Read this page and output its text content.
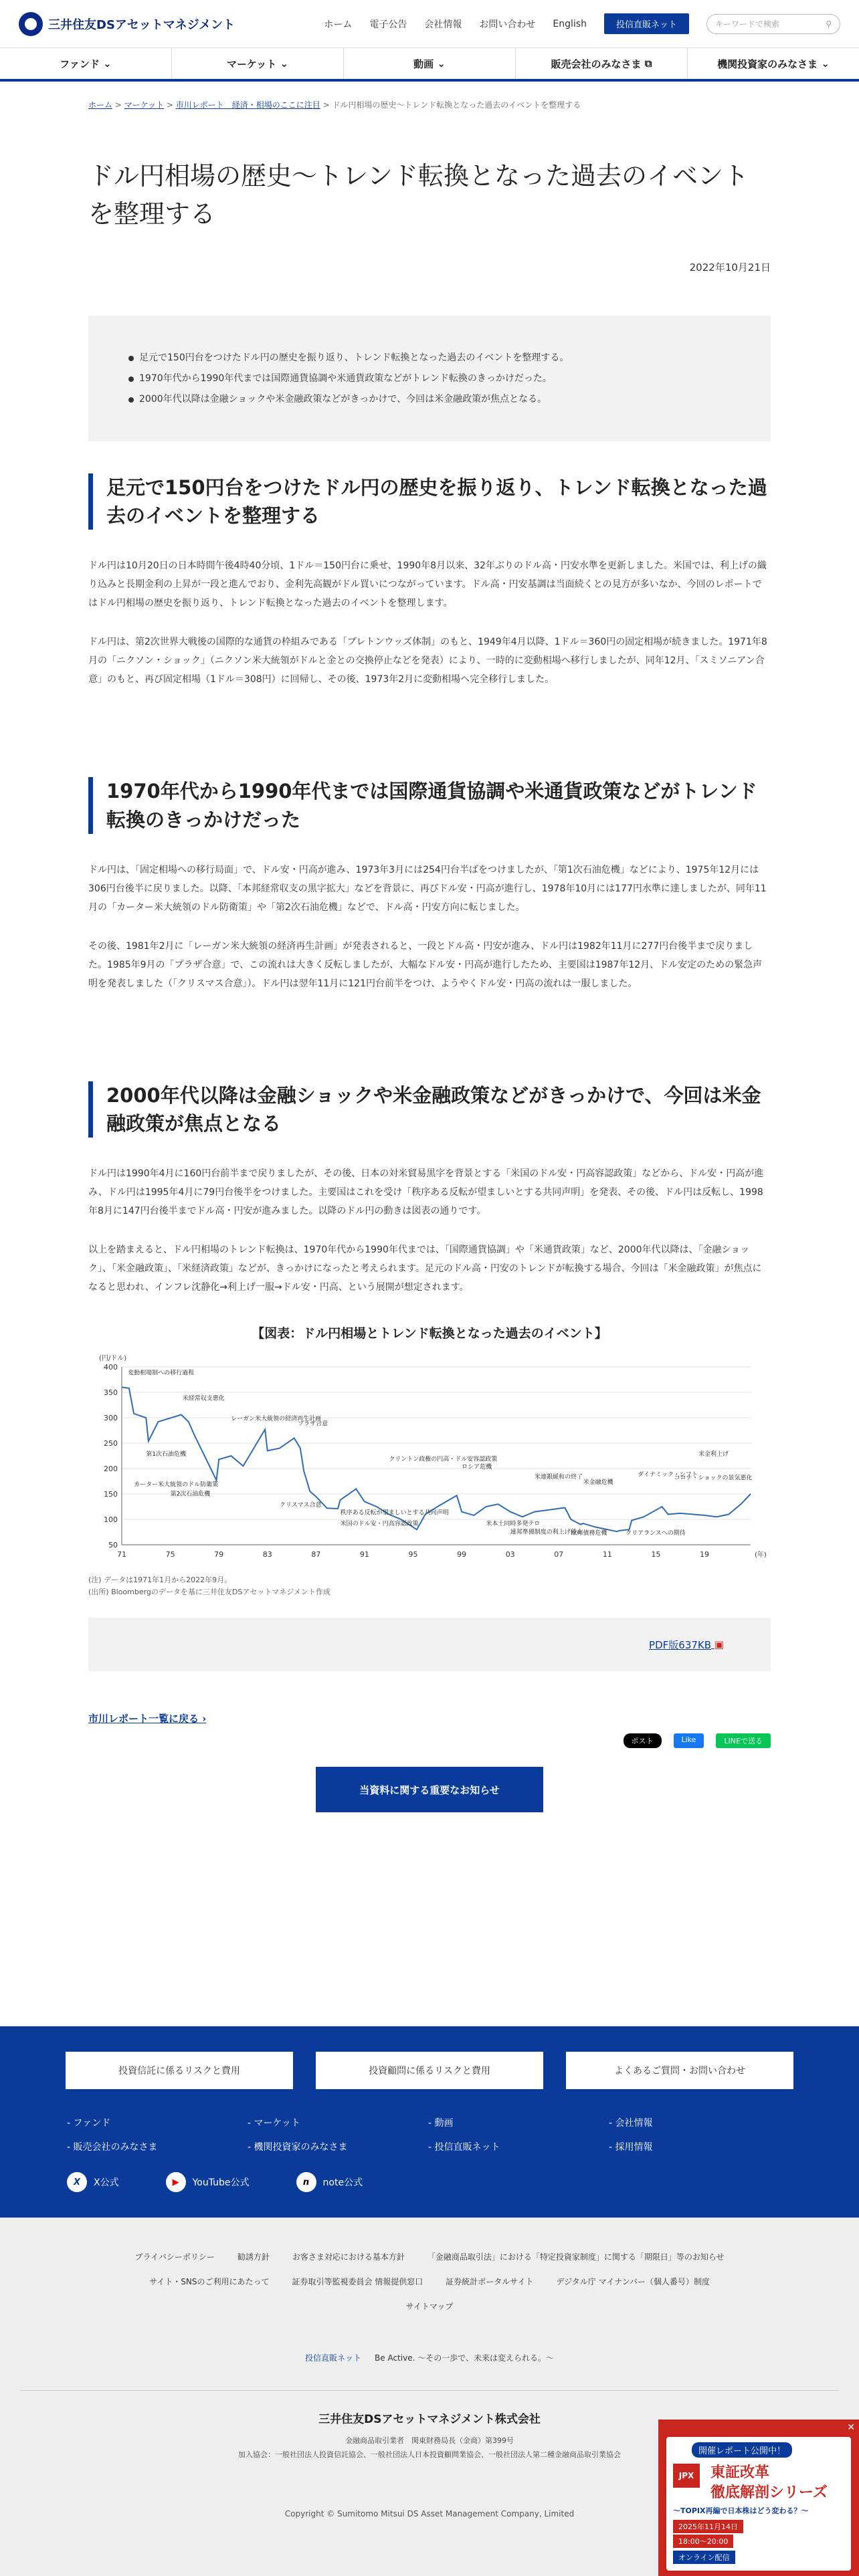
三井住友DSアセットマネジメント	ホーム 電子公告 会社情報 お問い合わせ English	投信直販ネット	キーワードで検索	⚲
ファンド
⌄	マーケット
⌄	動画
⌄	販売会社のみなさま
⧉	機関投資家のみなさま
⌄
ホーム > マーケット > 市川レポート　経済・相場のここに注目 > ドル円相場の歴史～トレンド転換となった過去のイベントを整理する
ドル円相場の歴史～トレンド転換となった過去のイベントを整理する
2022年10月21日
足元で150円台をつけたドル円の歴史を振り返り、トレンド転換となった過去のイベントを整理する。
1970年代から1990年代までは国際通貨協調や米通貨政策などがトレンド転換のきっかけだった。
2000年代以降は金融ショックや米金融政策などがきっかけで、今回は米金融政策が焦点となる。
足元で150円台をつけたドル円の歴史を振り返り、トレンド転換となった過去のイベントを整理する

ドル円は10月20日の日本時間午後4時40分頃、1ドル＝150円台に乗せ、1990年8月以来、32年ぶりのドル高・円安水準を更新しました。米国では、利上げの織り込みと長期金利の上昇が一段と進んでおり、金利先高観がドル買いにつながっています。ドル高・円安基調は当面続くとの見方が多いなか、今回のレポートではドル円相場の歴史を振り返り、トレンド転換となった過去のイベントを整理します。

ドル円は、第2次世界大戦後の国際的な通貨の枠組みである「ブレトンウッズ体制」のもと、1949年4月以降、1ドル＝360円の固定相場が続きました。1971年8月の「ニクソン・ショック」（ニクソン米大統領がドルと金との交換停止などを発表）により、一時的に変動相場へ移行しましたが、同年12月、「スミソニアン合意」のもと、再び固定相場（1ドル＝308円）に回帰し、その後、1973年2月に変動相場へ完全移行しました。

1970年代から1990年代までは国際通貨協調や米通貨政策などがトレンド転換のきっかけだった

ドル円は、「固定相場への移行局面」で、ドル安・円高が進み、1973年3月には254円台半ばをつけましたが、「第1次石油危機」などにより、1975年12月には306円台後半に戻りました。以降、「本邦経常収支の黒字拡大」などを背景に、再びドル安・円高が進行し、1978年10月には177円水準に達しましたが、同年11月の「カーター米大統領のドル防衛策」や「第2次石油危機」などで、ドル高・円安方向に転じました。

その後、1981年2月に「レーガン米大統領の経済再生計画」が発表されると、一段とドル高・円安が進み、ドル円は1982年11月に277円台後半まで戻りました。1985年9月の「プラザ合意」で、この流れは大きく反転しましたが、大幅なドル安・円高が進行したため、主要国は1987年12月、ドル安定のための緊急声明を発表しました（「クリスマス合意」）。ドル円は翌年11月に121円台前半をつけ、ようやくドル安・円高の流れは一服しました。

2000年代以降は金融ショックや米金融政策などがきっかけで、今回は米金融政策が焦点となる

ドル円は1990年4月に160円台前半まで戻りましたが、その後、日本の対米貿易黒字を背景とする「米国のドル安・円高容認政策」などから、ドル安・円高が進み、ドル円は1995年4月に79円台後半をつけました。主要国はこれを受け「秩序ある反転が望ましいとする共同声明」を発表、その後、ドル円は反転し、1998年8月に147円台後半までドル高・円安が進みました。以降のドル円の動きは図表の通りです。

以上を踏まえると、ドル円相場のトレンド転換は、1970年代から1990年代までは、「国際通貨協調」や「米通貨政策」など、2000年代以降は、「金融ショック」、「米金融政策」、「米経済政策」などが、きっかけになったと考えられます。足元のドル高・円安のトレンドが転換する場合、今回は「米金融政策」が焦点になると思われ、インフレ沈静化→利上げ一服→ドル安・円高、という展開が想定されます。

【図表：ドル円相場とトレンド転換となった過去のイベント】
(円/ドル)
50
100
150
200
250
300
350
400
71	75	79	83	87	91	95	99	03	07	11	15	19	(年)
変動相場制への移行過程
米経常収支悪化
第1次石油危機
レーガン米大統領の経済再生計画
カーター米大統領のドル防衛策
第2次石油危機
プラザ合意
クリスマス合意
秩序ある反転が望ましいとする共同声明
米国のドル安・円高容認政策
クリントン政権の円高・ドル安容認政策
ロシア危機
米本土同時多発テロ
連邦準備制度の利上げ停止
米連銀緩和の終了
米金融危機
欧州債務危機
ダイナミック・シフト
コロナ・ショックの景気悪化
クリアランスへの期待
米金利上げ
(注) データは1971年1月から2022年9月。
(出所) Bloombergのデータを基に三井住友DSアセットマネジメント作成
PDF版637KB
▣
市川レポート一覧に戻る ›
ポスト	Like	LINEで送る
当資料に関する重要なお知らせ
投資信託に係るリスクと費用	投資顧問に係るリスクと費用	よくあるご質問・お問い合わせ
- ファンド	- マーケット	- 動画	- 会社情報
- 販売会社のみなさま	- 機関投資家のみなさま	- 投信直販ネット	- 採用情報
X	X公式	▶	YouTube公式	n	note公式
プライバシーポリシー	勧誘方針	お客さま対応における基本方針	「金融商品取引法」における「特定投資家制度」に関する「期限日」等のお知らせ
サイト・SNSのご利用にあたって	証券取引等監視委員会 情報提供窓口	証券統計ポータルサイト	デジタル庁 マイナンバー（個人番号）制度
サイトマップ
投信直販ネット Be Active. 〜その一歩で、未来は変えられる。〜
三井住友DSアセットマネジメント株式会社
金融商品取引業者　関東財務局長（金商）第399号
加入協会：一般社団法人投資信託協会、一般社団法人日本投資顧問業協会、一般社団法人第二種金融商品取引業協会
Copyright © Sumitomo Mitsui DS Asset Management Company, Limited
✕
開催レポート公開中！
JPX	東証改革
徹底解剖シリーズ
～TOPIX再編で日本株はどう変わる？～
2025年11月14日
18:00～20:00
オンライン配信
